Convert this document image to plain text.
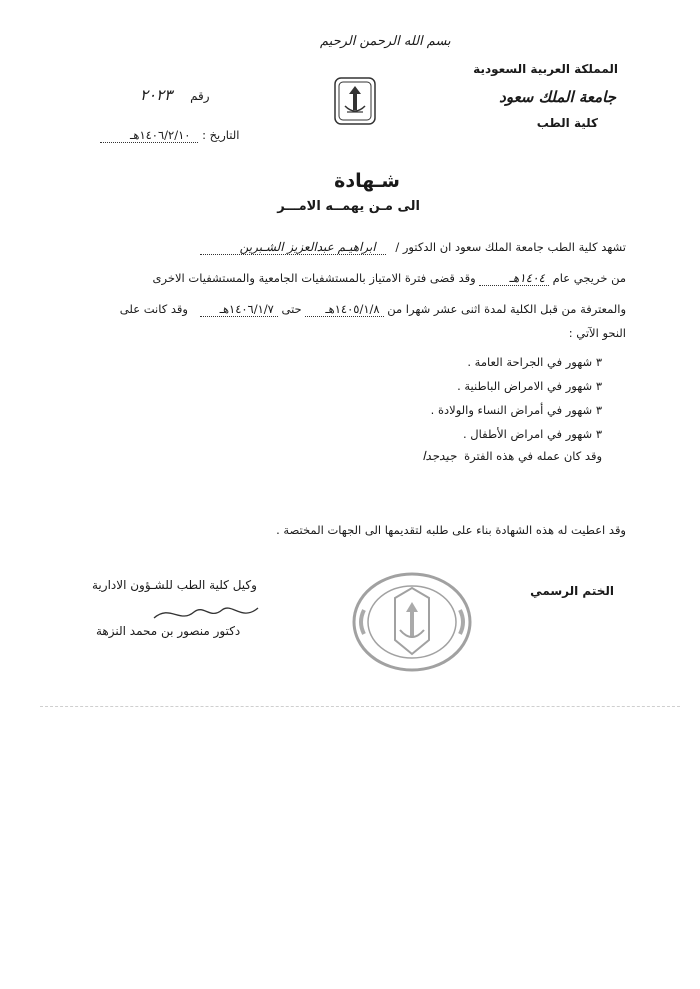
بسم الله الرحمن الرحيم
المملكة العربية السعودية
جامعة الملك سعود
كلية الطب
رقم ٢٠٢٣
التاريخ : ١٤٠٦/٢/١٠هـ
شـهادة
الى مـن يهمــه الامـــر
تشهد كلية الطب جامعة الملك سعود ان الدكتور / ابراهيـم عبدالعزيز الشـبرين
من خريجي عام ١٤٠٤هـ وقد قضى فترة الامتياز بالمستشفيات الجامعية والمستشفيات الاخرى
والمعترفة من قبل الكلية لمدة اثنى عشر شهرا من ١٤٠٥/١/٨هـ حتى ١٤٠٦/١/٧هـ وقد كانت على
النحو الآتي :
٣ شهور في الجراحة العامة .
٣ شهور في الامراض الباطنية .
٣ شهور في أمراض النساء والولادة .
٣ شهور في امراض الأطفال .
وقد كان عمله في هذه الفترة جيدجدا
وقد اعطيت له هذه الشهادة بناء على طلبه لتقديمها الى الجهات المختصة .
الختم الرسمي
وكيل كلية الطب للشـؤون الادارية
دكتور منصور بن محمد النزهة
